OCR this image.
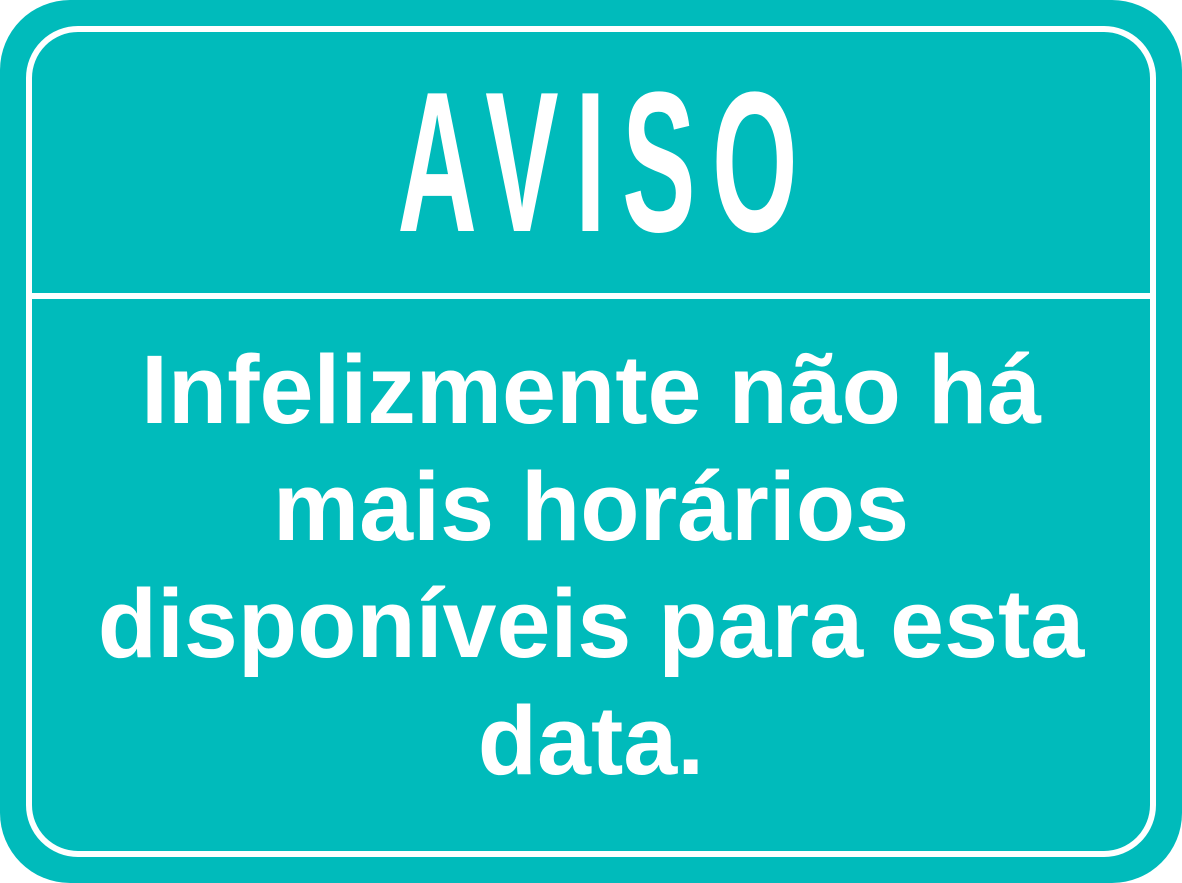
AVISO
Infelizmente não há mais horários disponíveis para esta data.
